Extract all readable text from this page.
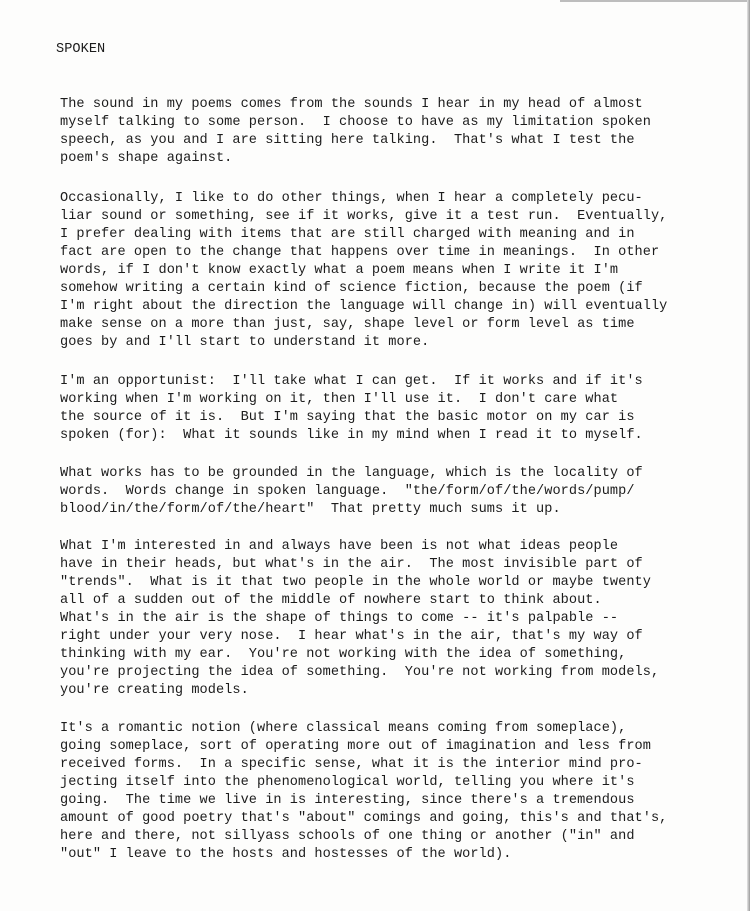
SPOKEN
The sound in my poems comes from the sounds I hear in my head of almost
myself talking to some person.  I choose to have as my limitation spoken
speech, as you and I are sitting here talking.  That's what I test the
poem's shape against.
Occasionally, I like to do other things, when I hear a completely pecu-
liar sound or something, see if it works, give it a test run.  Eventually,
I prefer dealing with items that are still charged with meaning and in
fact are open to the change that happens over time in meanings.  In other
words, if I don't know exactly what a poem means when I write it I'm
somehow writing a certain kind of science fiction, because the poem (if
I'm right about the direction the language will change in) will eventually
make sense on a more than just, say, shape level or form level as time
goes by and I'll start to understand it more.
I'm an opportunist:  I'll take what I can get.  If it works and if it's
working when I'm working on it, then I'll use it.  I don't care what
the source of it is.  But I'm saying that the basic motor on my car is
spoken (for):  What it sounds like in my mind when I read it to myself.
What works has to be grounded in the language, which is the locality of
words.  Words change in spoken language.  "the/form/of/the/words/pump/
blood/in/the/form/of/the/heart"  That pretty much sums it up.
What I'm interested in and always have been is not what ideas people
have in their heads, but what's in the air.  The most invisible part of
"trends".  What is it that two people in the whole world or maybe twenty
all of a sudden out of the middle of nowhere start to think about.
What's in the air is the shape of things to come -- it's palpable --
right under your very nose.  I hear what's in the air, that's my way of
thinking with my ear.  You're not working with the idea of something,
you're projecting the idea of something.  You're not working from models,
you're creating models.
It's a romantic notion (where classical means coming from someplace),
going someplace, sort of operating more out of imagination and less from
received forms.  In a specific sense, what it is the interior mind pro-
jecting itself into the phenomenological world, telling you where it's
going.  The time we live in is interesting, since there's a tremendous
amount of good poetry that's "about" comings and going, this's and that's,
here and there, not sillyass schools of one thing or another ("in" and
"out" I leave to the hosts and hostesses of the world).
